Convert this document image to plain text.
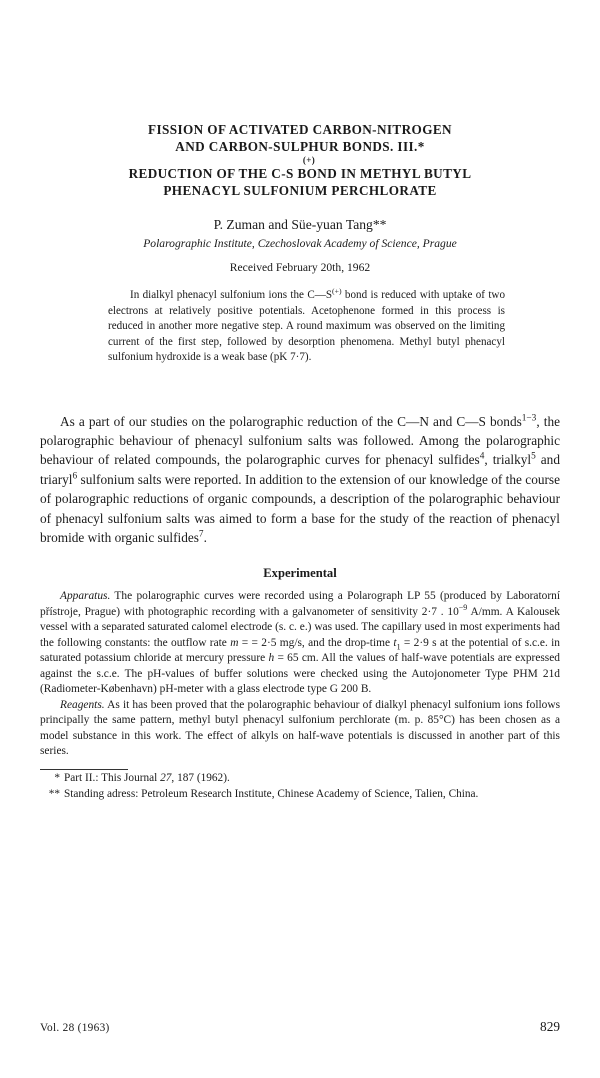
FISSION OF ACTIVATED CARBON-NITROGEN
AND CARBON-SULPHUR BONDS. III.*
(+)
REDUCTION OF THE C-S BOND IN METHYL BUTYL
PHENACYL SULFONIUM PERCHLORATE
P. Zuman and Süe-yuan Tang**
Polarographic Institute, Czechoslovak Academy of Science, Prague
Received February 20th, 1962

In dialkyl phenacyl sulfonium ions the C—S(+) bond is reduced with uptake of two electrons at relatively positive potentials. Acetophenone formed in this process is reduced in another more negative step. A round maximum was observed on the limiting current of the first step, followed by desorption phenomena. Methyl butyl phenacyl sulfonium hydroxide is a weak base (pK 7·7).

As a part of our studies on the polarographic reduction of the C—N and C—S bonds$^{1-3}$, the polarographic behaviour of phenacyl sulfonium salts was followed. Among the polarographic behaviour of related compounds, the polarographic curves for phenacyl sulfides$^4$, trialkyl$^5$ and triaryl$^6$ sulfonium salts were reported. In addition to the extension of our knowledge of the course of polarographic reductions of organic compounds, a description of the polarographic behaviour of phenacyl sulfonium salts was aimed to form a base for the study of the reaction of phenacyl bromide with organic sulfides$^7$.

Experimental

Apparatus. The polarographic curves were recorded using a Polarograph LP 55 (produced by Laboratorní přístroje, Prague) with photographic recording with a galvanometer of sensitivity 2·7 . $10^{-9}$ A/mm. A Kalousek vessel with a separated saturated calomel electrode (s. c. e.) was used. The capillary used in most experiments had the following constants: the outflow rate m = = 2·5 mg/s, and the drop-time $t_1 = 2\cdot 9$ s at the potential of s.c.e. in saturated potassium chloride at mercury pressure h = 65 cm. All the values of half-wave potentials are expressed against the s.c.e. The pH-values of buffer solutions were checked using the Autojonometer Type PHM 21d (Radiometer-København) pH-meter with a glass electrode type G 200 B.

Reagents. As it has been proved that the polarographic behaviour of dialkyl phenacyl sulfonium ions follows principally the same pattern, methyl butyl phenacyl sulfonium perchlorate (m. p. 85°C) has been chosen as a model substance in this work. The effect of alkyls on half-wave potentials is discussed in another part of this series.

* Part II.: This Journal 27, 187 (1962).
** Standing adress: Petroleum Research Institute, Chinese Academy of Science, Talien, China.
Vol. 28 (1963)	829
